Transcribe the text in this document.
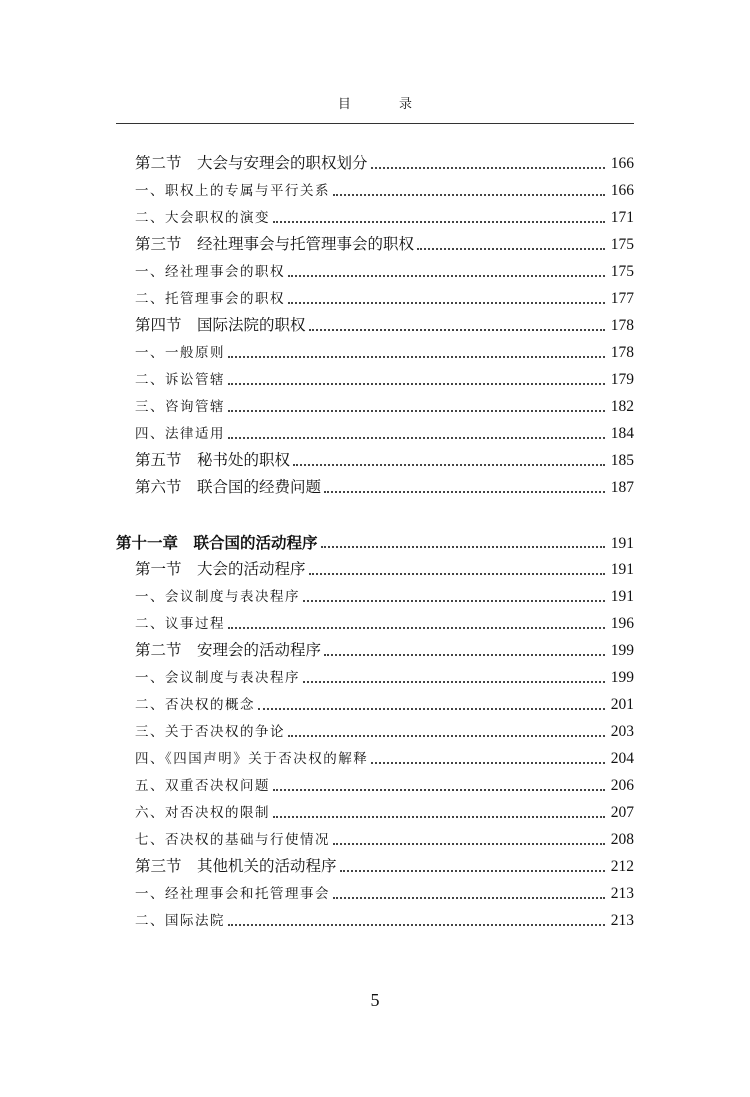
目 录
第二节　大会与安理会的职权划分	166
一、职权上的专属与平行关系	166
二、大会职权的演变	171
第三节　经社理事会与托管理事会的职权	175
一、经社理事会的职权	175
二、托管理事会的职权	177
第四节　国际法院的职权	178
一、一般原则	178
二、诉讼管辖	179
三、咨询管辖	182
四、法律适用	184
第五节　秘书处的职权	185
第六节　联合国的经费问题	187
第十一章　联合国的活动程序	191
第一节　大会的活动程序	191
一、会议制度与表决程序	191
二、议事过程	196
第二节　安理会的活动程序	199
一、会议制度与表决程序	199
二、否决权的概念	201
三、关于否决权的争论	203
四、《四国声明》关于否决权的解释	204
五、双重否决权问题	206
六、对否决权的限制	207
七、否决权的基础与行使情况	208
第三节　其他机关的活动程序	212
一、经社理事会和托管理事会	213
二、国际法院	213
5
